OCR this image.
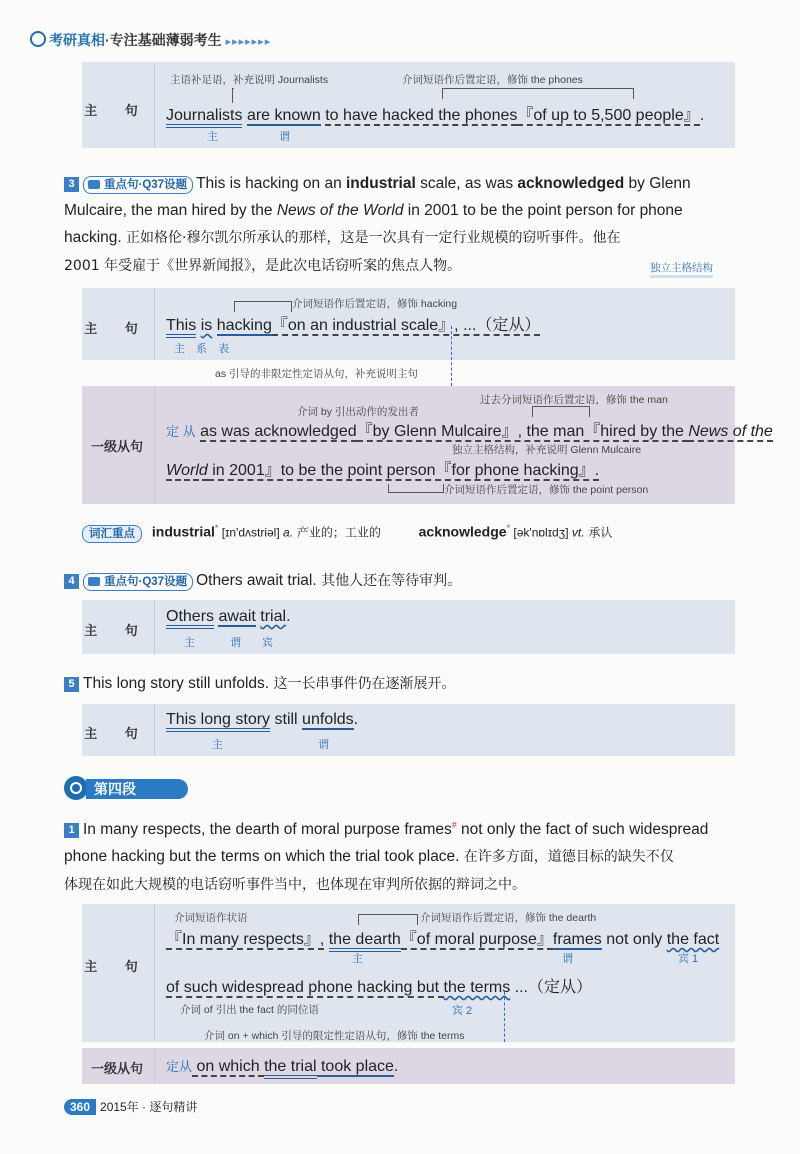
考研真相·专注基础薄弱考生 ▸▸▸▸▸▸▸
主 句
主语补足语，补充说明 Journalists	介词短语作后置定语，修饰 the phones
Journalists are known to have hacked the phones『of up to 5,500 people』.
主	谓
3	重点句·Q37设题 This is hacking on an industrial scale, as was acknowledged by Glenn
Mulcaire, the man hired by the News of the World in 2001 to be the point person for phone
hacking. 正如格伦·穆尔凯尔所承认的那样，这是一次具有一定行业规模的窃听事件。他在
2001 年受雇于《世界新闻报》，是此次电话窃听案的焦点人物。	独立主格结构
主 句
介词短语作后置定语，修饰 hacking
This is hacking『on an industrial scale』, ...（定从）
主 系 表
as 引导的非限定性定语从句，补充说明主句
一级从句
过去分词短语作后置定语，修饰 the man
介词 by 引出动作的发出者
定 从 as was acknowledged『by Glenn Mulcaire』, the man『hired by the News of the
独立主格结构，补充说明 Glenn Mulcaire
World in 2001』to be the point person『for phone hacking』.
介词短语作后置定语，修饰 the point person
词汇重点 industrial* [ɪn'dʌstriəl] a. 产业的；工业的	acknowledge* [ək'nɒlɪdʒ] vt. 承认
4	重点句·Q37设题 Others await trial. 其他人还在等待审判。
主 句
Others await trial.
主	谓 宾
5 This long story still unfolds. 这一长串事件仍在逐渐展开。
主 句
This long story still unfolds.
主	谓
第四段
1 In many respects, the dearth of moral purpose frames# not only the fact of such widespread
phone hacking but the terms on which the trial took place. 在许多方面，道德目标的缺失不仅
体现在如此大规模的电话窃听事件当中，也体现在审判所依据的辩词之中。
主 句
介词短语作状语	介词短语作后置定语，修饰 the dearth
『In many respects』, the dearth『of moral purpose』frames not only the fact
主	谓	宾 1
of such widespread phone hacking but the terms ...（定从）
介词 of 引出 the fact 的同位语	宾 2
介词 on + which 引导的限定性定语从句，修饰 the terms
一级从句	定从 on which the trial took place.
360 2015年 · 逐句精讲
